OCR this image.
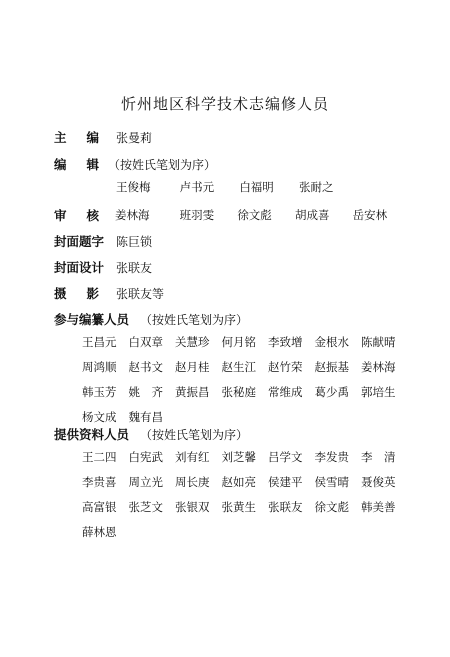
忻州地区科学技术志编修人员
主 编 张曼莉
编 辑 （按姓氏笔划为序）
王俊梅	卢书元 白福明 张耐之
审 核 姜林海	班羽雯 徐文彪 胡成喜 岳安林
封面题字 陈巨锁
封面设计 张联友
摄 影 张联友等
参与编纂人员 （按姓氏笔划为序）
王昌元 白双章 关慧珍 何月铭 李致增 金根水 陈献晴
周鸿顺 赵书文 赵月桂 赵生江 赵竹荣 赵振基 姜林海
韩玉芳 姚　齐 黄振昌 张秘庭 常维成 葛少禹 郭培生
杨文成 魏有昌
提供资料人员 （按姓氏笔划为序）
王二四 白宪武 刘有红 刘芝馨 吕学文 李发贵 李　清
李贵喜 周立光 周长庚 赵如亮 侯建平 侯雪晴 聂俊英
高富银 张芝文 张银双 张黄生 张联友 徐文彪 韩美善
薛林恩
